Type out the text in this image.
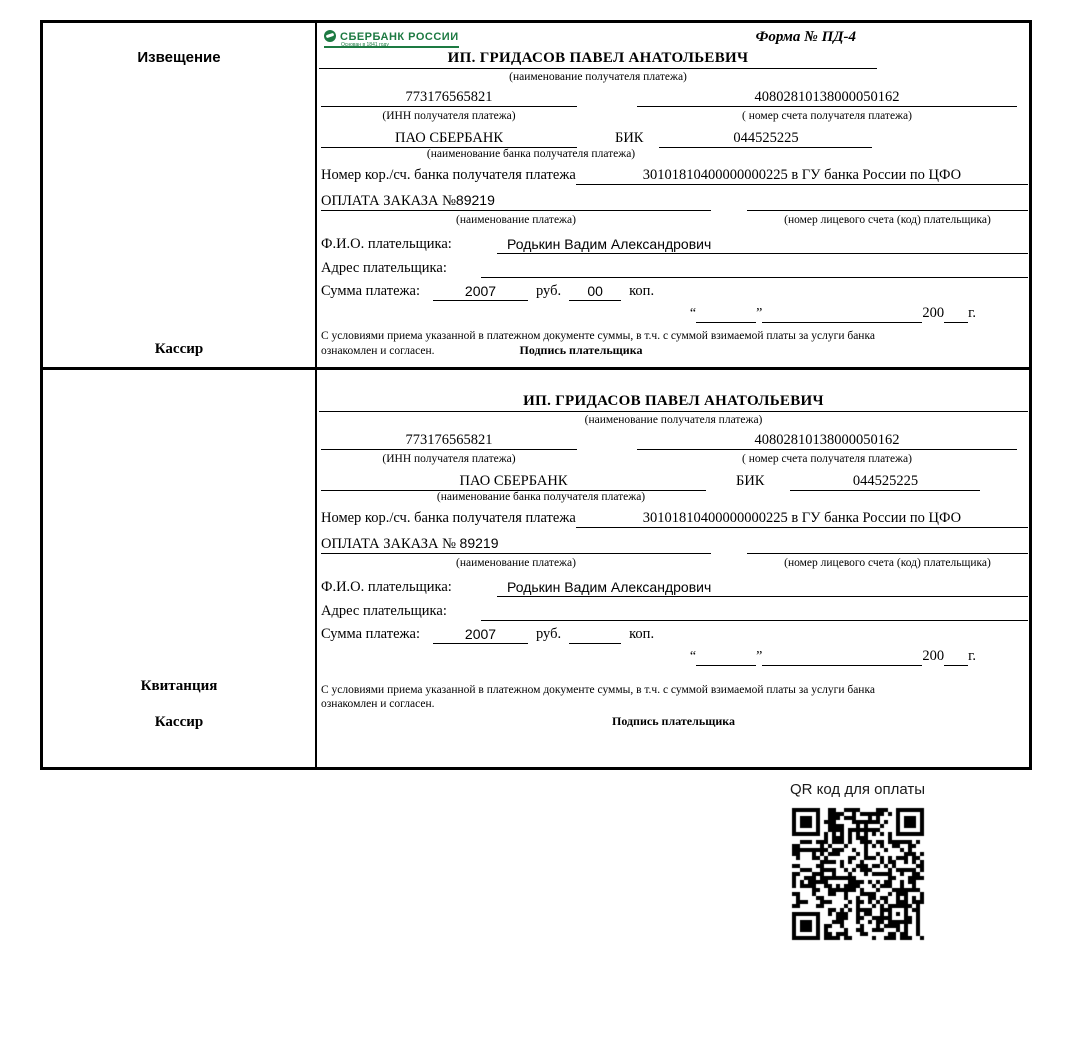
Извещение
Кассир
СБЕРБАНК РОССИИ
Основан в 1841 году	Форма № ПД-4
ИП. ГРИДАСОВ ПАВЕЛ АНАТОЛЬЕВИЧ
(наименование получателя платежа)
773176565821	40802810138000050162
(ИНН получателя платежа)	( номер счета получателя платежа)
ПАО СБЕРБАНК	БИК	044525225
(наименование банка получателя платежа)
Номер кор./сч. банка получателя платежа	30101810400000000225 в ГУ банка России по ЦФО
ОПЛАТА ЗАКАЗА №89219
(наименование платежа)	(номер лицевого счета (код) плательщика)
Ф.И.О. плательщика:	Родькин Вадим Александрович
Адрес плательщика:
Сумма платежа:	2007	руб.	00	коп.
“	”	200 г.
С условиями приема указанной в платежном документе суммы, в т.ч. с суммой взимаемой платы за услуги банка
ознакомлен и согласен.	Подпись плательщика
Квитанция
Кассир
ИП. ГРИДАСОВ ПАВЕЛ АНАТОЛЬЕВИЧ
(наименование получателя платежа)
773176565821	40802810138000050162
(ИНН получателя платежа)	( номер счета получателя платежа)
ПАО СБЕРБАНК	БИК	044525225
(наименование банка получателя платежа)
Номер кор./сч. банка получателя платежа	30101810400000000225 в ГУ банка России по ЦФО
ОПЛАТА ЗАКАЗА № 89219
(наименование платежа)	(номер лицевого счета (код) плательщика)
Ф.И.О. плательщика:	Родькин Вадим Александрович
Адрес плательщика:
Сумма платежа:	2007	руб.	коп.
“	”	200 г.
С условиями приема указанной в платежном документе суммы, в т.ч. с суммой взимаемой платы за услуги банка
ознакомлен и согласен.
Подпись плательщика
QR код для оплаты
